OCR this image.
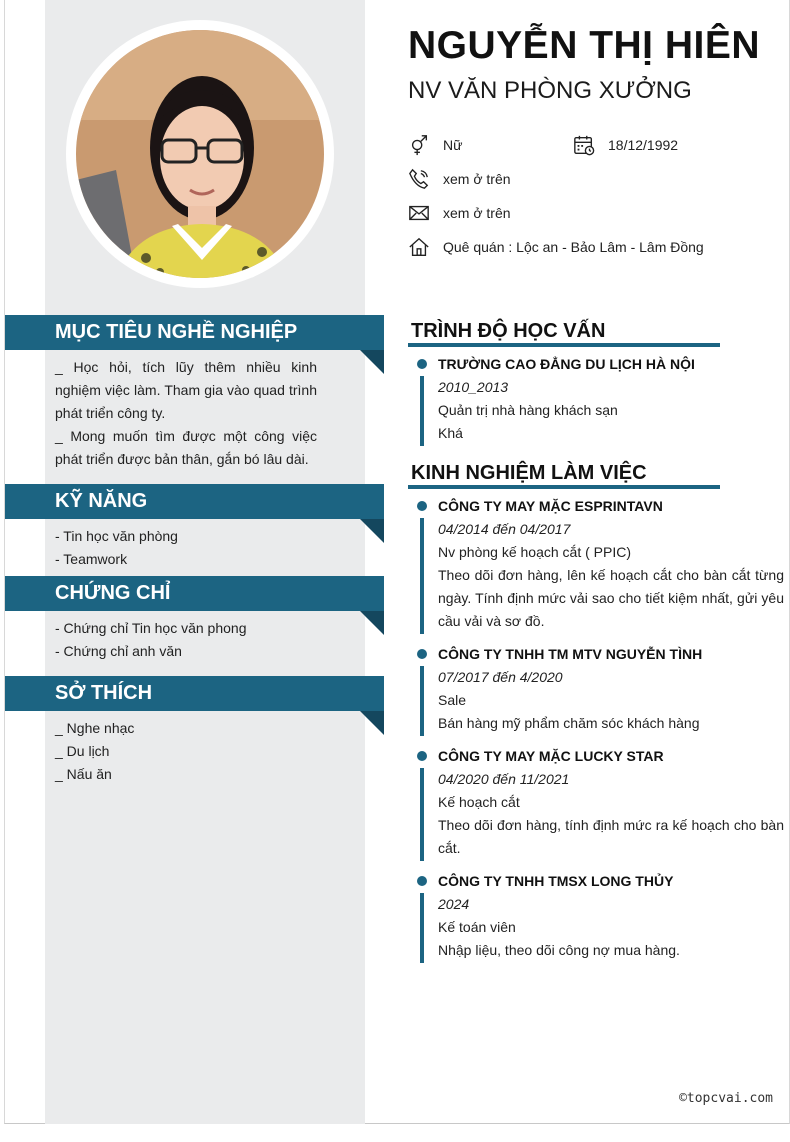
NGUYỄN THỊ HIÊN
NV VĂN PHÒNG XƯỞNG
Nữ	18/12/1992
xem ở trên
xem ở trên
Quê quán : Lộc an - Bảo Lâm - Lâm Đồng
MỤC TIÊU NGHỀ NGHIỆP

_ Học hỏi, tích lũy thêm nhiều kinh nghiệm việc làm. Tham gia vào quad trình phát triển công ty.

_ Mong muốn tìm được một công việc phát triển được bản thân, gắn bó lâu dài.

KỸ NĂNG

- Tin học văn phòng

- Teamwork

CHỨNG CHỈ

- Chứng chỉ Tin học văn phong

- Chứng chỉ anh văn

SỞ THÍCH

_ Nghe nhạc

_ Du lịch

_ Nấu ăn

TRÌNH ĐỘ HỌC VẤN
TRƯỜNG CAO ĐẲNG DU LỊCH HÀ NỘI
2010_2013
Quản trị nhà hàng khách sạn
Khá
KINH NGHIỆM LÀM VIỆC
CÔNG TY MAY MẶC ESPRINTAVN
04/2014 đến 04/2017
Nv phòng kế hoạch cắt ( PPIC)
Theo dõi đơn hàng, lên kế hoạch cắt cho bàn cắt từng ngày. Tính định mức vải sao cho tiết kiệm nhất, gửi yêu cầu vải và sơ đồ.
CÔNG TY TNHH TM MTV NGUYỄN TÌNH
07/2017 đến 4/2020
Sale
Bán hàng mỹ phẩm chăm sóc khách hàng
CÔNG TY MAY MẶC LUCKY STAR
04/2020 đến 11/2021
Kế hoạch cắt
Theo dõi đơn hàng, tính định mức ra kế hoạch cho bàn cắt.
CÔNG TY TNHH TMSX LONG THỦY
2024
Kế toán viên
Nhập liệu, theo dõi công nợ mua hàng.
©topcvai.com
